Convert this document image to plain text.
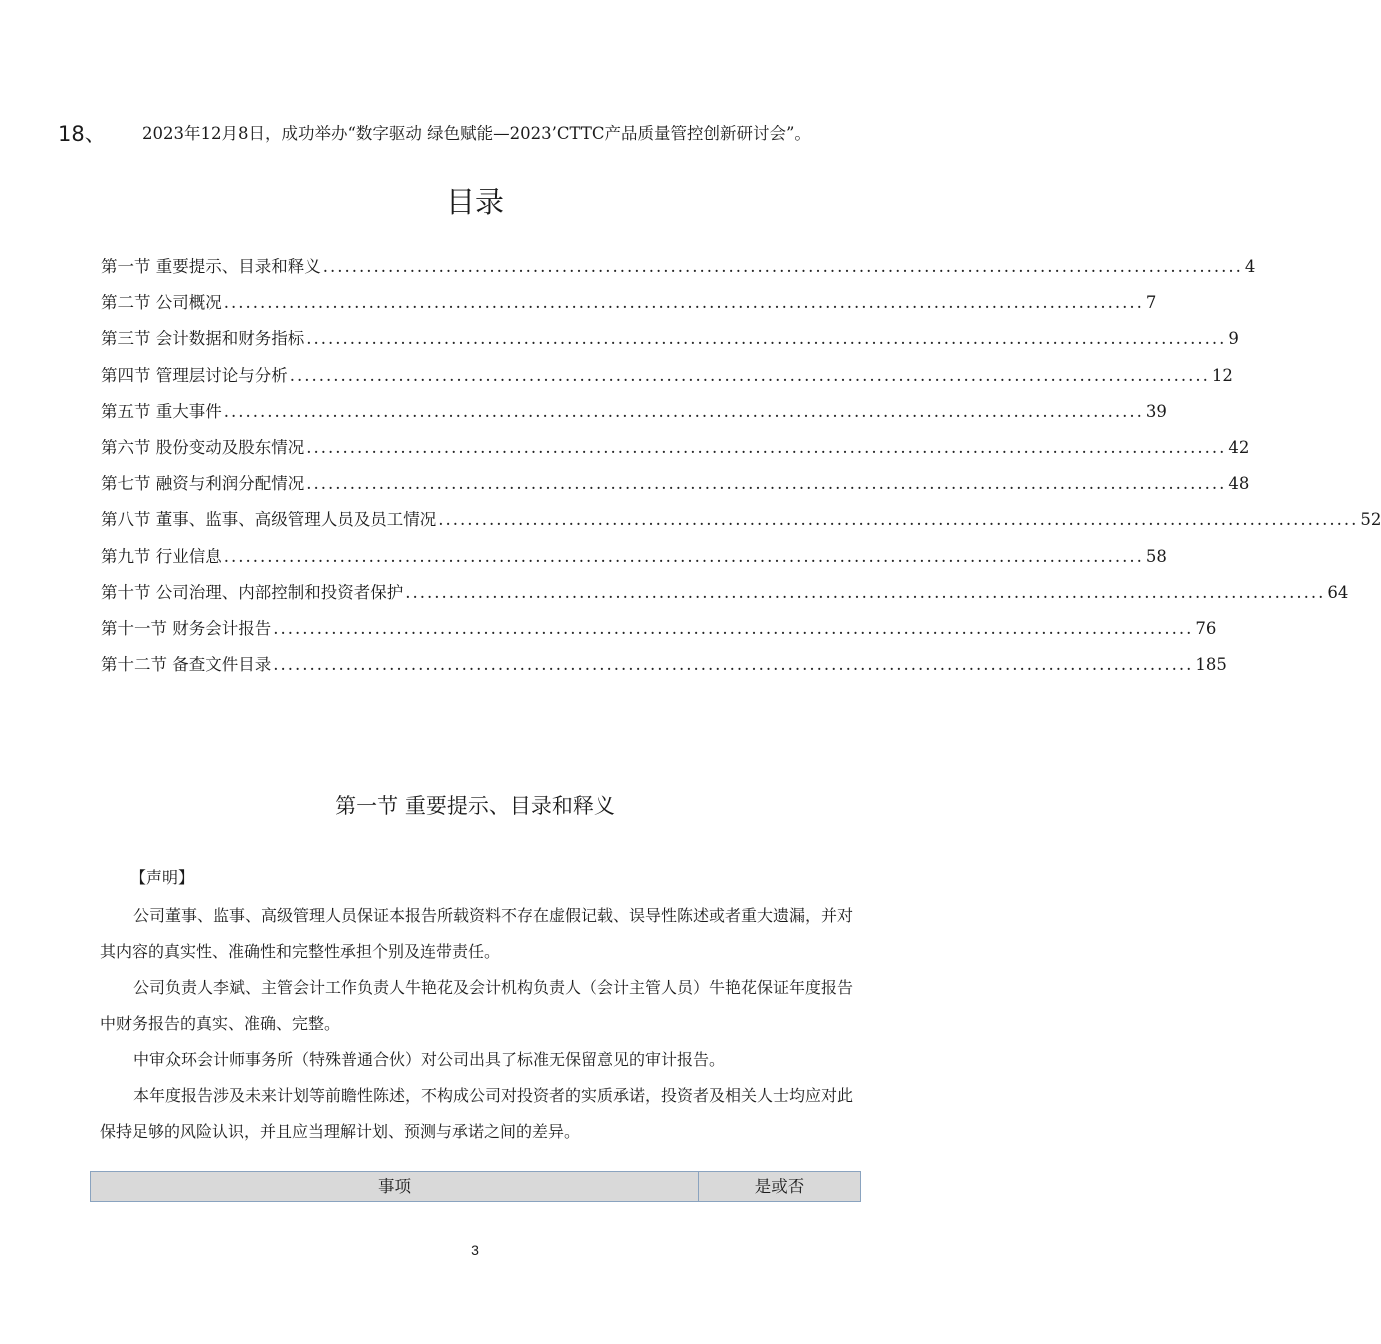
18、	2023年12月8日，成功举办“数字驱动 绿色赋能—2023’CTTC产品质量管控创新研讨会”。
目录
第一节 重要提示、目录和释义 ............................................................................................................................... 4
第二节 公司概况 ............................................................................................................................... 7
第三节 会计数据和财务指标 ............................................................................................................................... 9
第四节 管理层讨论与分析 ............................................................................................................................... 12
第五节 重大事件 ............................................................................................................................... 39
第六节 股份变动及股东情况 ............................................................................................................................... 42
第七节 融资与利润分配情况 ............................................................................................................................... 48
第八节 董事、监事、高级管理人员及员工情况 ............................................................................................................................... 52
第九节 行业信息 ............................................................................................................................... 58
第十节 公司治理、内部控制和投资者保护 ............................................................................................................................... 64
第十一节 财务会计报告 ............................................................................................................................... 76
第十二节 备查文件目录 ............................................................................................................................... 185
第一节 重要提示、目录和释义

【声明】

公司董事、监事、高级管理人员保证本报告所载资料不存在虚假记载、误导性陈述或者重大遗漏，并对其内容的真实性、准确性和完整性承担个别及连带责任。

公司负责人李斌、主管会计工作负责人牛艳花及会计机构负责人（会计主管人员）牛艳花保证年度报告中财务报告的真实、准确、完整。

中审众环会计师事务所（特殊普通合伙）对公司出具了标准无保留意见的审计报告。

本年度报告涉及未来计划等前瞻性陈述，不构成公司对投资者的实质承诺，投资者及相关人士均应对此保持足够的风险认识，并且应当理解计划、预测与承诺之间的差异。

事项	是或否
3
